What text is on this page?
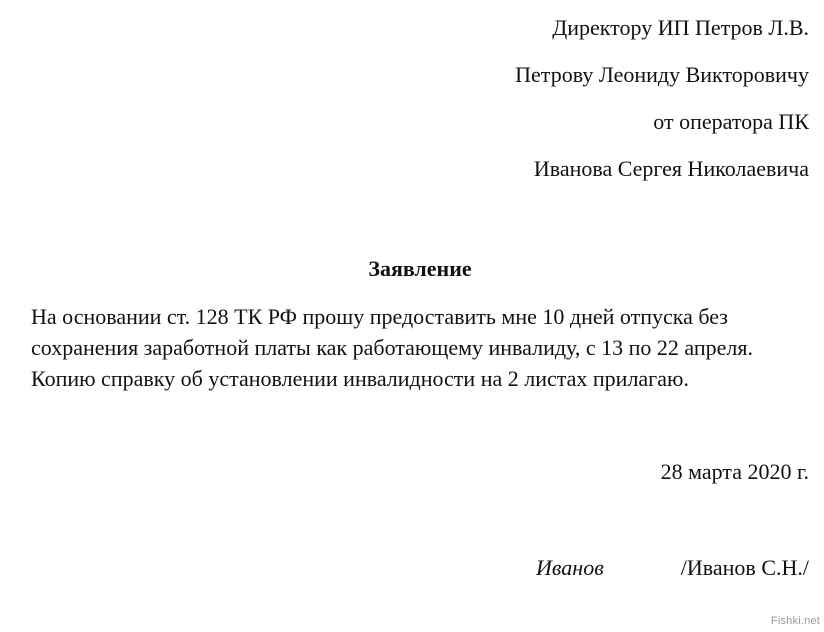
Директору ИП Петров Л.В.
Петрову Леониду Викторовичу
от оператора ПК
Иванова Сергея Николаевича
Заявление
На основании ст. 128 ТК РФ прошу предоставить мне 10 дней отпуска без
сохранения заработной платы как работающему инвалиду, с 13 по 22 апреля.
Копию справку об установлении инвалидности на 2 листах прилагаю.
28 марта 2020 г.
Иванов	/Иванов С.Н./
Fishki.net
